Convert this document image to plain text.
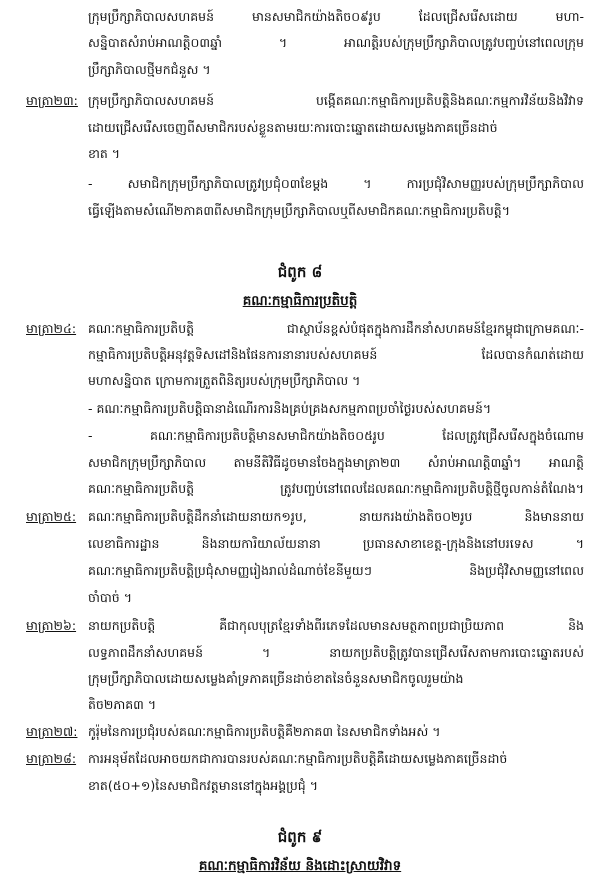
ក្រុមប្រឹក្សាភិបាលសហគមន៍ មានសមាជិកយ៉ាងតិច០៩រូប ដែលជ្រើសរើសដោយ មហា-
សន្និបាតសំរាប់អាណត្តិ០៣ឆ្នាំ ។ អាណត្តិរបស់ក្រុមប្រឹក្សាភិបាលត្រូវបញ្ចប់នៅពេលក្រុម
ប្រឹក្សាភិបាលថ្មីមកជំនួស ។
មាត្រា២៣: ក្រុមប្រឹក្សាភិបាលសហគមន៍ បង្កើតគណៈកម្មាធិការប្រតិបត្តិនិងគណៈកម្មការវិន័យនិងវិវាទ
ដោយជ្រើសរើសចេញពីសមាជិករបស់ខ្លួនតាមរយៈការបោះឆ្នោតដោយសម្លេងភាគច្រើនដាច់
ខាត ។
- សមាជិកក្រុមប្រឹក្សាភិបាលត្រូវប្រជុំ០៣ខែម្តង ។ ការប្រជុំវិសាមញ្ញរបស់ក្រុមប្រឹក្សាភិបាល
ធ្វើឡើងតាមសំណើ២ភាគ៣ពីសមាជិកក្រុមប្រឹក្សាភិបាលឬពីសមាជិកគណៈកម្មាធិការប្រតិបត្តិ។
ជំពូក ៨
គណៈកម្មាធិការប្រតិបត្តិ
មាត្រា២៤: គណៈកម្មាធិការប្រតិបត្តិ ជាស្ថាប័នខ្ពស់បំផុតក្នុងការដឹកនាំសហគមន៍ខ្មែរកម្ពុជាក្រោមគណៈ-
កម្មាធិការប្រតិបត្តិអនុវត្តទិសដៅនិងផែនការនានារបស់សហគមន៍ ដែលបានកំណត់ដោយ
មហាសន្និបាត ក្រោមការត្រួតពិនិត្យរបស់ក្រុមប្រឹក្សាភិបាល ។
- គណៈកម្មាធិការប្រតិបត្តិធានាដំណើរការនិងគ្រប់គ្រងសកម្មភាពប្រចាំថ្ងៃរបស់សហគមន៍។
- គណៈកម្មាធិការប្រតិបត្តិមានសមាជិកយ៉ាងតិច០៥រូប ដែលត្រូវជ្រើសរើសក្នុងចំណោម
សមាជិកក្រុមប្រឹក្សាភិបាល តាមនីតិវិធីដូចមានចែងក្នុងមាត្រា២៣ សំរាប់អាណត្តិ៣ឆ្នាំ។ អាណត្តិ
គណៈកម្មាធិការប្រតិបត្តិ ត្រូវបញ្ចប់នៅពេលដែលគណៈកម្មាធិការប្រតិបត្តិថ្មីចូលកាន់តំណែង។
មាត្រា២៥: គណៈកម្មាធិការប្រតិបត្តិដឹកនាំដោយនាយក១រូប, នាយករងយ៉ាងតិច០២រូប និងមាននាយ
លេខាធិការដ្ឋាន និងនាយការិយាល័យនានា ប្រធានសាខាខេត្ត-ក្រុងនិងនៅបរទេស ។
គណៈកម្មាធិការប្រតិបត្តិប្រជុំសាមញ្ញរៀងរាល់ដំណាច់ខែនីមួយៗ និងប្រជុំវិសាមញ្ញនៅពេល
ចាំបាច់ ។
មាត្រា២៦: នាយកប្រតិបត្តិ គឺជាកុលបុត្រខ្មែរទាំងពីរភេទដែលមានសមត្ថភាពប្រជាប្រិយភាព និង
លទ្ធភាពដឹកនាំសហគមន៍ ។ នាយកប្រតិបត្តិត្រូវបានជ្រើសរើសតាមការបោះឆ្នោតរបស់
ក្រុមប្រឹក្សាភិបាលដោយសម្លេងគាំទ្រភាគច្រើនដាច់ខាតនៃចំនួនសមាជិកចូលរួមយ៉ាង
តិច២ភាគ៣ ។
មាត្រា២៧: កូរ៉ុមនៃការប្រជុំរបស់គណៈកម្មាធិការប្រតិបត្តិគឺ២ភាគ៣ នៃសមាជិកទាំងអស់ ។
មាត្រា២៨: ការអនុម័តដែលអាចយកជាការបានរបស់គណៈកម្មាធិការប្រតិបត្តិគឺដោយសម្លេងភាគច្រើនដាច់
ខាត(៥០+១)នៃសមាជិកវត្តមាននៅក្នុងអង្គប្រជុំ ។
ជំពូក ៩
គណៈកម្មាធិការវិន័យ និងដោះស្រាយវិវាទ
